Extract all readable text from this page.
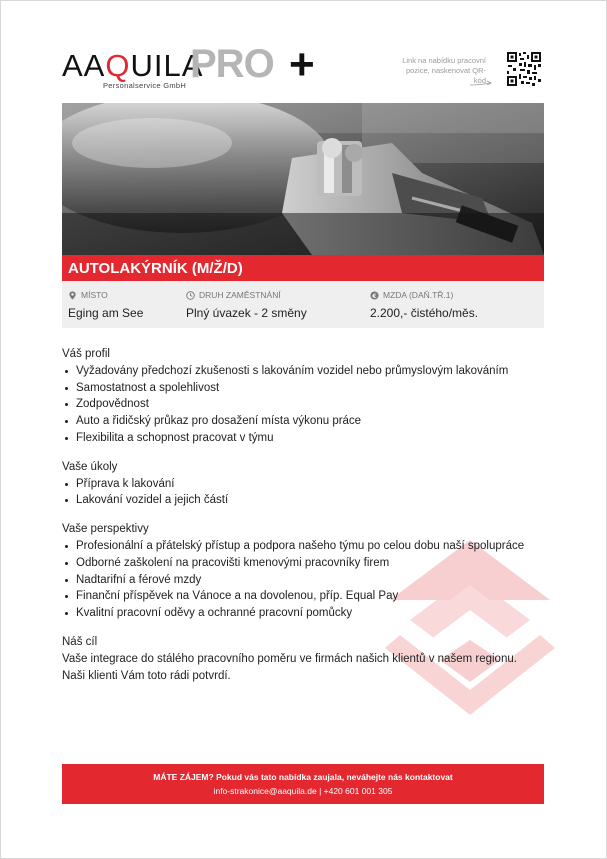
AAQUILA
Personalservice GmbH PRO +	Link na nabídku pracovní pozice, naskenovat QR-kód
AUTOLAKÝRNÍK (M/Ž/D)
MÍSTO
Eging am See
DRUH ZAMĚSTNÁNÍ
Plný úvazek - 2 směny
€ MZDA (DAŇ.TŘ.1)
2.200,- čistého/měs.

Váš profil

Vyžadovány předchozí zkušenosti s lakováním vozidel nebo průmyslovým lakováním
Samostatnost a spolehlivost
Zodpovědnost
Auto a řidičský průkaz pro dosažení místa výkonu práce
Flexibilita a schopnost pracovat v týmu

Vaše úkoly

Příprava k lakování
Lakování vozidel a jejich částí

Vaše perspektivy

Profesionální a přátelský přístup a podpora našeho týmu po celou dobu naší spolupráce
Odborné zaškolení na pracovišti kmenovými pracovníky firem
Nadtarifní a férové mzdy
Finanční příspěvek na Vánoce a na dovolenou, příp. Equal Pay
Kvalitní pracovní oděvy a ochranné pracovní pomůcky

Náš cíl

Vaše integrace do stálého pracovního poměru ve firmách našich klientů v našem regionu.

Naši klienti Vám toto rádi potvrdí.

MÁTE ZÁJEM? Pokud vás tato nabídka zaujala, neváhejte nás kontaktovat
info-strakonice@aaquila.de | +420 601 001 305
